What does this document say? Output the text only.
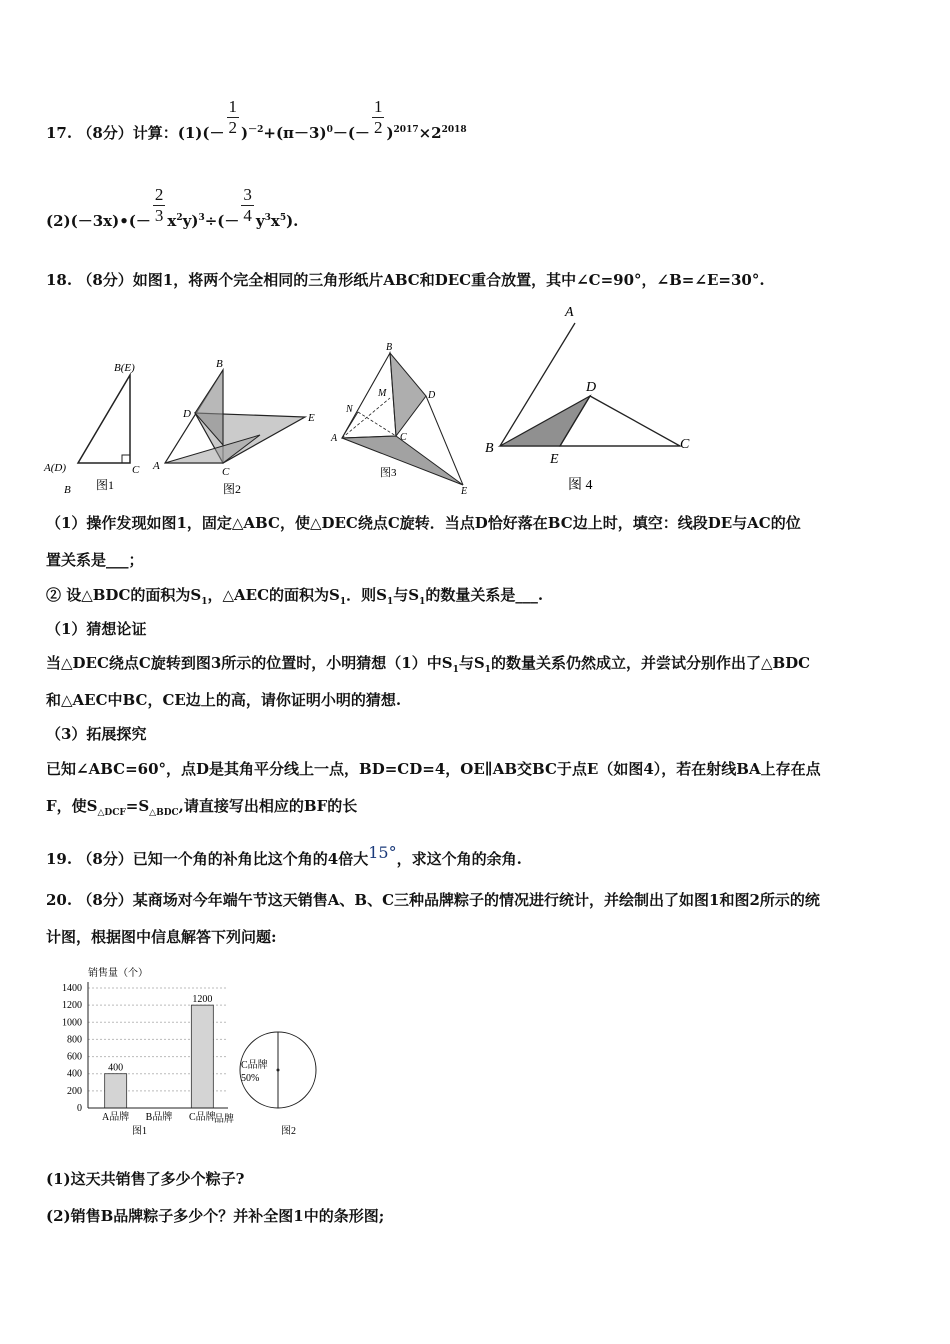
17. （8分）计算：$(1)(- \frac{1}{2} )^{-2}+(\pi-3)^0-(- \frac{1}{2} )^{2017}\times 2^{2018}$
(2)(－3x)•(－ $\frac{2}{3} x^2y)^3\div(- \frac{3}{4} y^3x^5)$.
18. （8分）如图1，将两个完全相同的三角形纸片ABC和DEC重合放置，其中∠C=90°，∠B=∠E=30°.
B(E)
A(D)	C
B 图1
B
D	E
A	C
图2
B
M	D
N
A	C
E
图3
A
D
B
E
C
图 4
（1）操作发现如图1，固定△ABC，使△DEC绕点C旋转．当点D恰好落在BC边上时，填空：线段DE与AC的位
置关系是___；
② 设△BDC的面积为$S_1$，△AEC的面积为$S_1$．则$S_1$与$S_1$的数量关系是___.
（1）猜想论证
当△DEC绕点C旋转到图3所示的位置时，小明猜想（1）中$S_1$与$S_1$的数量关系仍然成立，并尝试分别作出了△BDC
和△AEC中BC，CE边上的高，请你证明小明的猜想.
（3）拓展探究
已知∠ABC=60°，点D是其角平分线上一点，BD=CD=4，OE∥AB交BC于点E（如图4），若在射线BA上存在点
F，使$S_{\triangle DCF}=S_{\triangle BDC}$,请直接写出相应的BF的长
19. （8分）已知一个角的补角比这个角的4倍大15°，求这个角的余角.
20. （8分）某商场对今年端午节这天销售A、B、C三种品牌粽子的情况进行统计，并绘制出了如图1和图2所示的统
计图，根据图中信息解答下列问题:
销售量（个）
0
200
400
600
800
1000
1200
1400
400
1200
A品牌 B品牌 C品牌
品牌
图1
C品牌
50%
图2
(1)这天共销售了多少个粽子?
(2)销售B品牌粽子多少个？并补全图1中的条形图;
